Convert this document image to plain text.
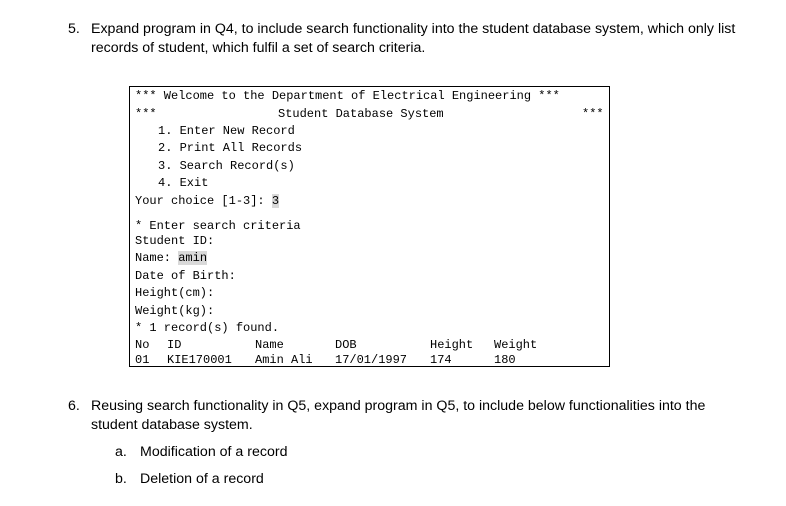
5. Expand program in Q4, to include search functionality into the student database system, which only list records of student, which fulfil a set of search criteria.
*** Welcome to the Department of Electrical Engineering ***
***	Student Database System	***
1. Enter New Record
2. Print All Records
3. Search Record(s)
4. Exit
Your choice [1-3]: 3
* Enter search criteria
Student ID:
Name: amin
Date of Birth:
Height(cm):
Weight(kg):
* 1 record(s) found.
No ID	Name	DOB	Height Weight
01 KIE170001 Amin Ali 17/01/1997 174	180
6. Reusing search functionality in Q5, expand program in Q5, to include below functionalities into the student database system.
a. Modification of a record
b. Deletion of a record
